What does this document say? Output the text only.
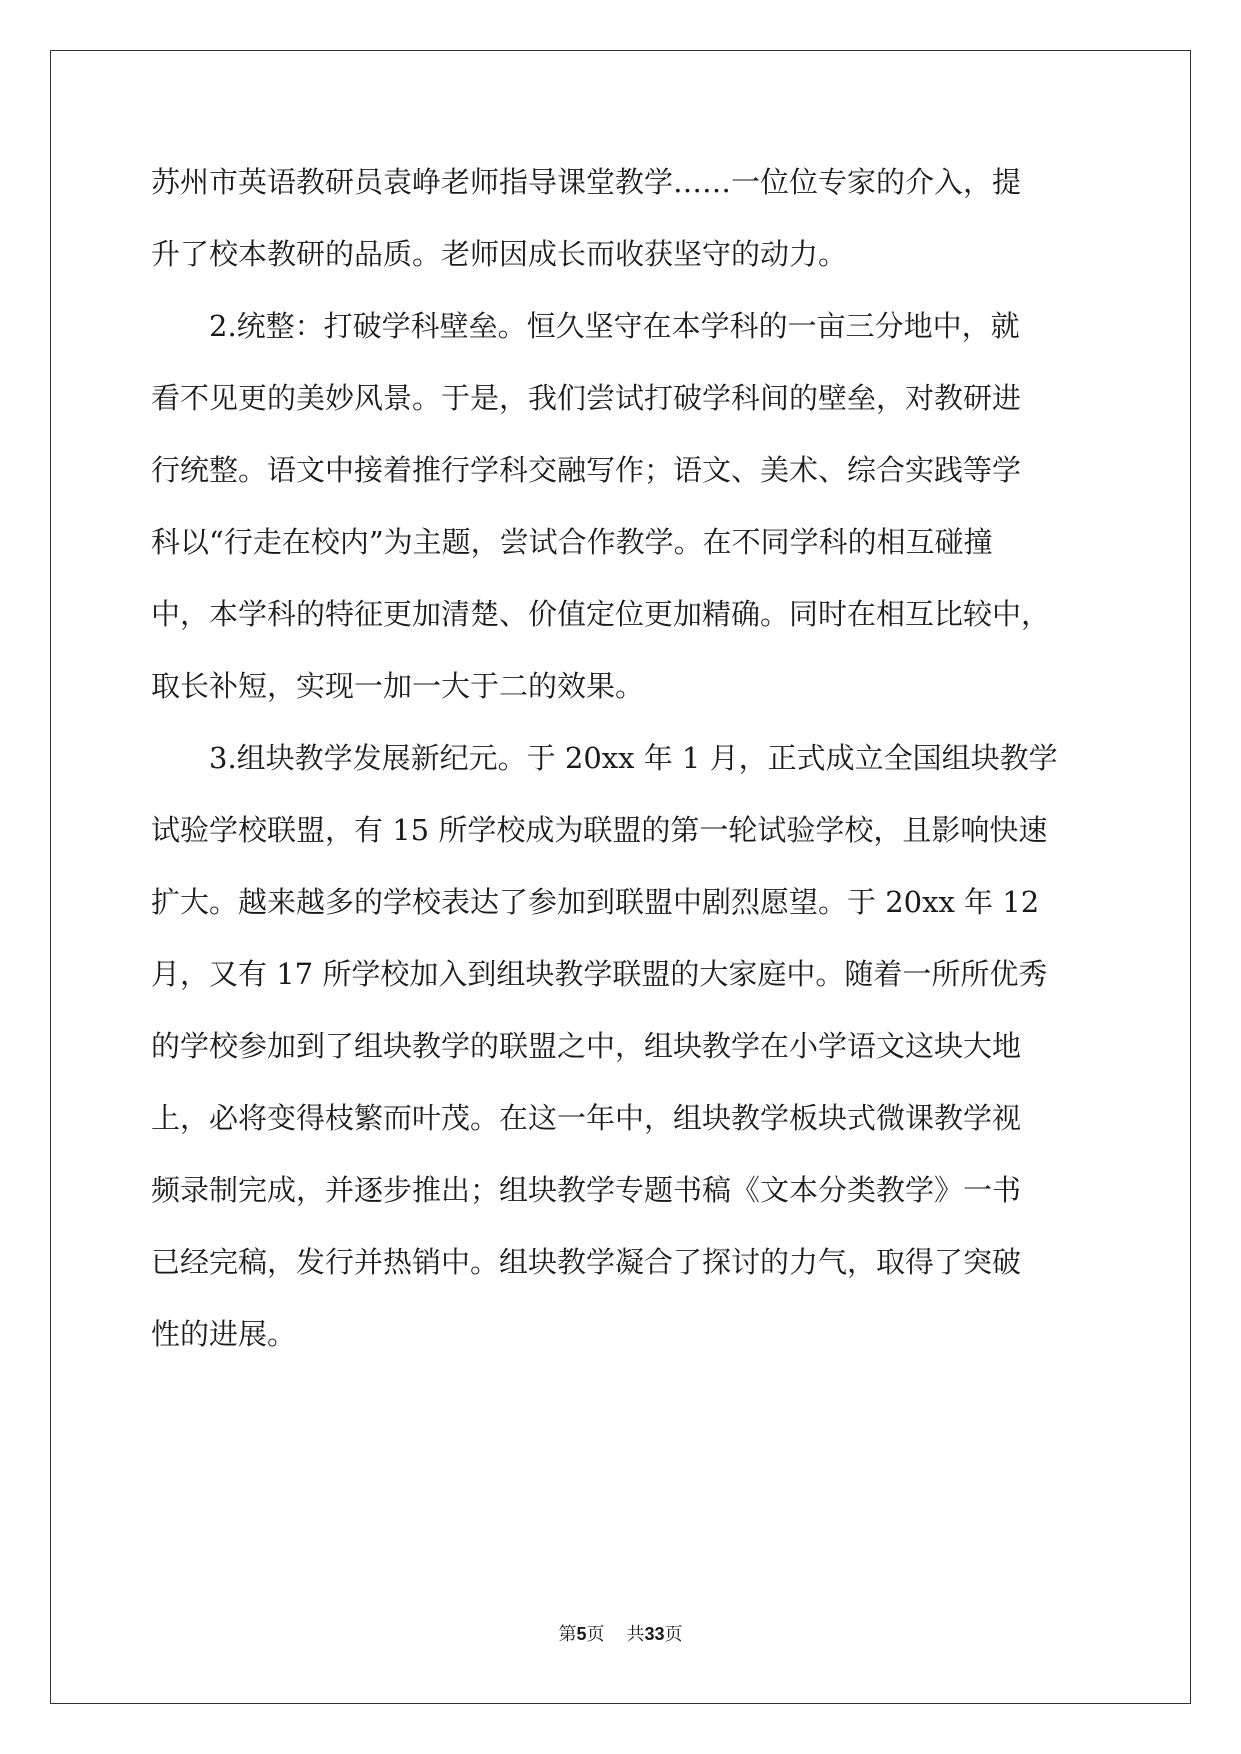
苏州市英语教研员袁峥老师指导课堂教学……一位位专家的介入，提
升了校本教研的品质。老师因成长而收获坚守的动力。
2.统整：打破学科壁垒。恒久坚守在本学科的一亩三分地中，就
看不见更的美妙风景。于是，我们尝试打破学科间的壁垒，对教研进
行统整。语文中接着推行学科交融写作；语文、美术、综合实践等学
科以“行走在校内”为主题，尝试合作教学。在不同学科的相互碰撞
中，本学科的特征更加清楚、价值定位更加精确。同时在相互比较中，
取长补短，实现一加一大于二的效果。
3.组块教学发展新纪元。于 20xx 年 1 月，正式成立全国组块教学
试验学校联盟，有 15 所学校成为联盟的第一轮试验学校，且影响快速
扩大。越来越多的学校表达了参加到联盟中剧烈愿望。于 20xx 年 12
月，又有 17 所学校加入到组块教学联盟的大家庭中。随着一所所优秀
的学校参加到了组块教学的联盟之中，组块教学在小学语文这块大地
上，必将变得枝繁而叶茂。在这一年中，组块教学板块式微课教学视
频录制完成，并逐步推出；组块教学专题书稿《文本分类教学》一书
已经完稿，发行并热销中。组块教学凝合了探讨的力气，取得了突破
性的进展。
第5页 共33页
